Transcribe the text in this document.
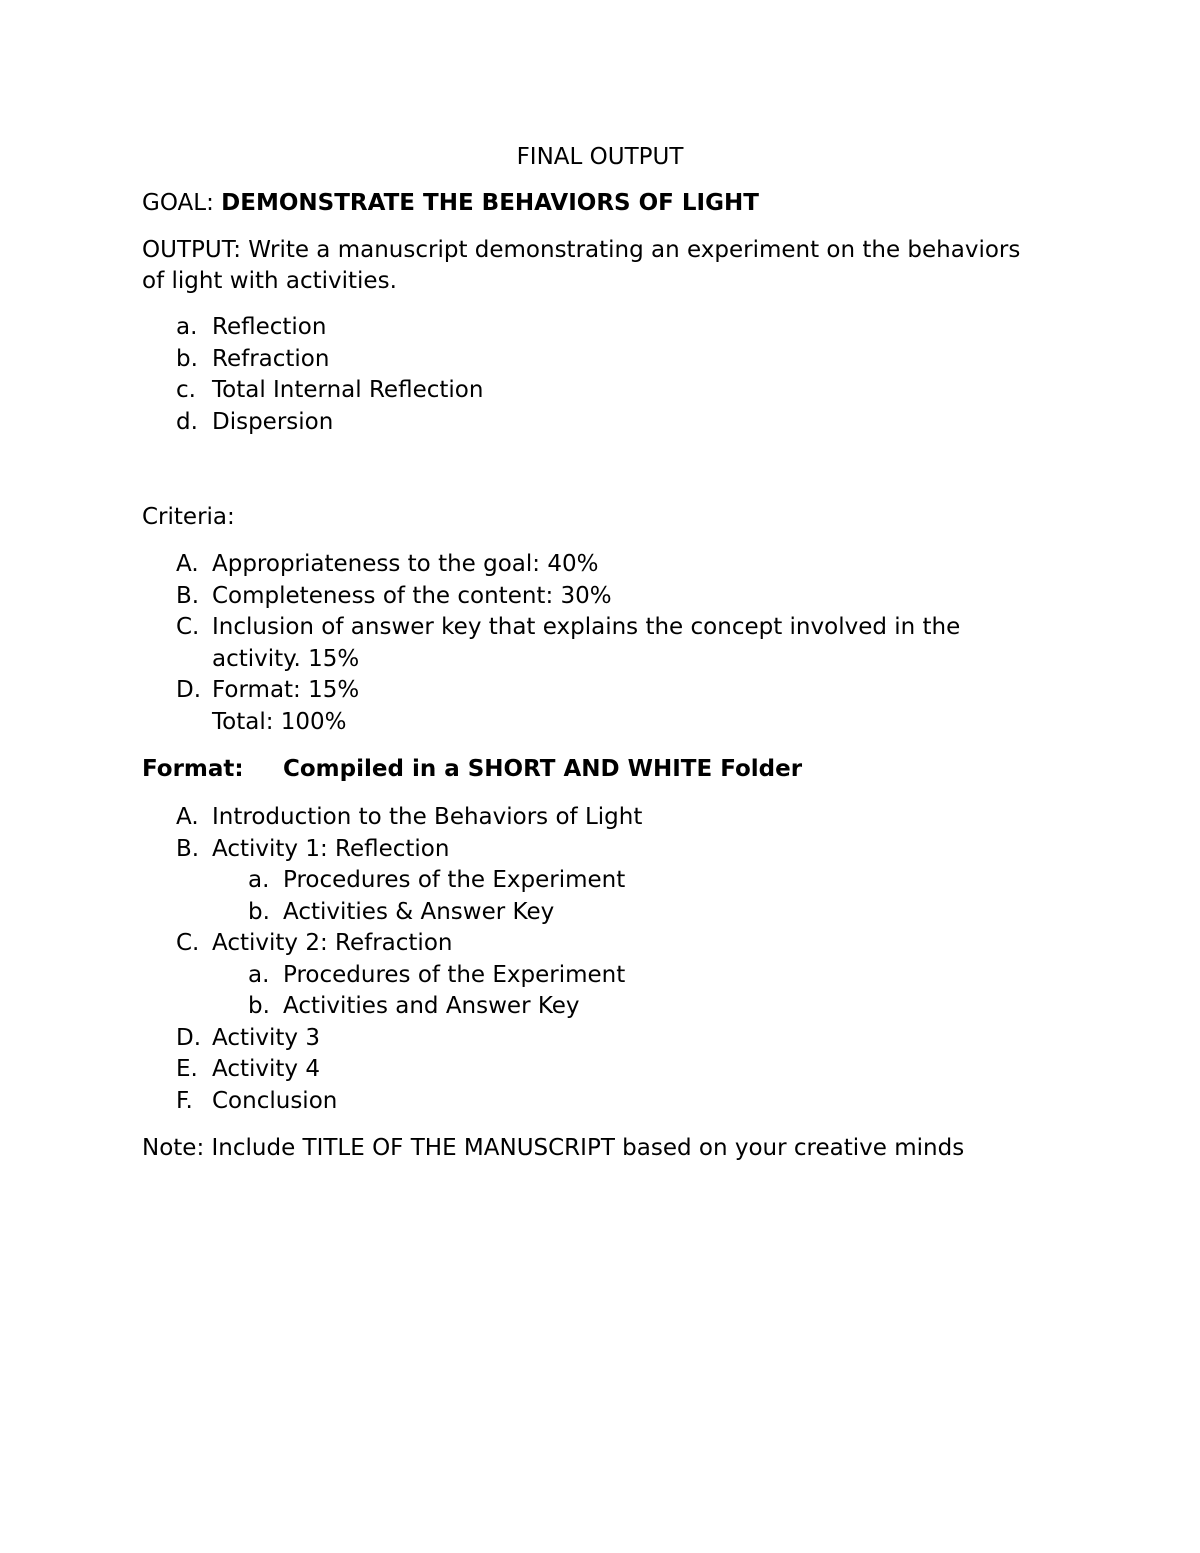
FINAL OUTPUT
GOAL: DEMONSTRATE THE BEHAVIORS OF LIGHT
OUTPUT: Write a manuscript demonstrating an experiment on the behaviors
of light with activities.
a. Reflection
b. Refraction
c. Total Internal Reflection
d. Dispersion
Criteria:
A. Appropriateness to the goal: 40%
B. Completeness of the content: 30%
C. Inclusion of answer key that explains the concept involved in the
activity. 15%
D. Format: 15%
Total: 100%
Format: Compiled in a SHORT AND WHITE Folder
A. Introduction to the Behaviors of Light
B. Activity 1: Reflection
a. Procedures of the Experiment
b. Activities & Answer Key
C. Activity 2: Refraction
a. Procedures of the Experiment
b. Activities and Answer Key
D. Activity 3
E. Activity 4
F. Conclusion
Note: Include TITLE OF THE MANUSCRIPT based on your creative minds
